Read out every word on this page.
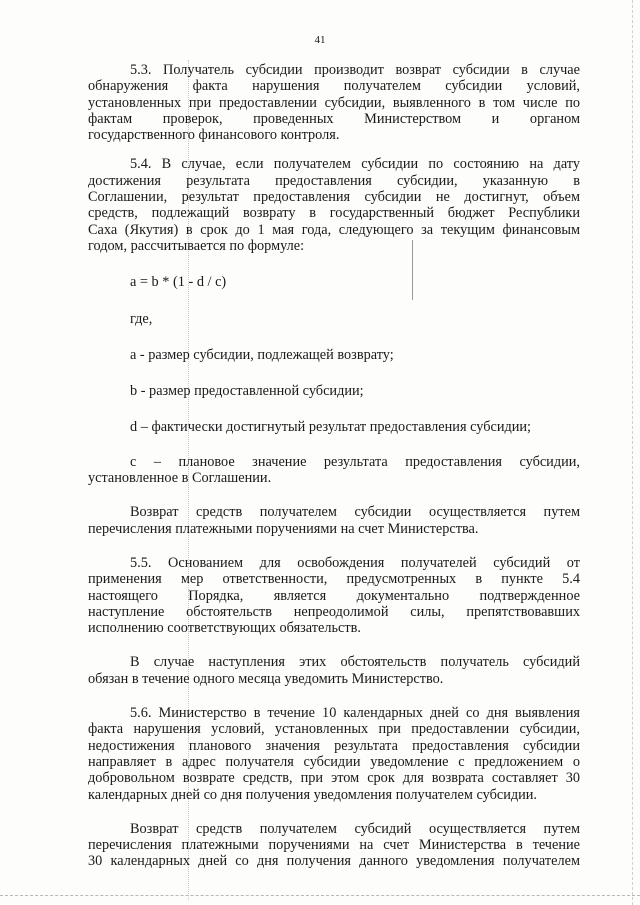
41

5.3. Получатель субсидии производит возврат субсидии в случае

обнаружения факта нарушения получателем субсидии условий,

установленных при предоставлении субсидии, выявленного в том числе по

фактам проверок, проведенных Министерством и органом

государственного финансового контроля.

5.4. В случае, если получателем субсидии по состоянию на дату

достижения результата предоставления субсидии, указанную в

Соглашении, результат предоставления субсидии не достигнут, объем

средств, подлежащий возврату в государственный бюджет Республики

Саха (Якутия) в срок до 1 мая года, следующего за текущим финансовым

годом, рассчитывается по формуле:

a = b * (1 - d / c)

где,

a - размер субсидии, подлежащей возврату;

b - размер предоставленной субсидии;

d – фактически достигнутый результат предоставления субсидии;

c – плановое значение результата предоставления субсидии,

установленное в Соглашении.

Возврат средств получателем субсидии осуществляется путем

перечисления платежными поручениями на счет Министерства.

5.5. Основанием для освобождения получателей субсидий от

применения мер ответственности, предусмотренных в пункте 5.4

настоящего Порядка, является документально подтвержденное

наступление обстоятельств непреодолимой силы, препятствовавших

исполнению соответствующих обязательств.

В случае наступления этих обстоятельств получатель субсидий

обязан в течение одного месяца уведомить Министерство.

5.6. Министерство в течение 10 календарных дней со дня выявления

факта нарушения условий, установленных при предоставлении субсидии,

недостижения планового значения результата предоставления субсидии

направляет в адрес получателя субсидии уведомление с предложением о

добровольном возврате средств, при этом срок для возврата составляет 30

календарных дней со дня получения уведомления получателем субсидии.

Возврат средств получателем субсидий осуществляется путем

перечисления платежными поручениями на счет Министерства в течение

30 календарных дней со дня получения данного уведомления получателем
